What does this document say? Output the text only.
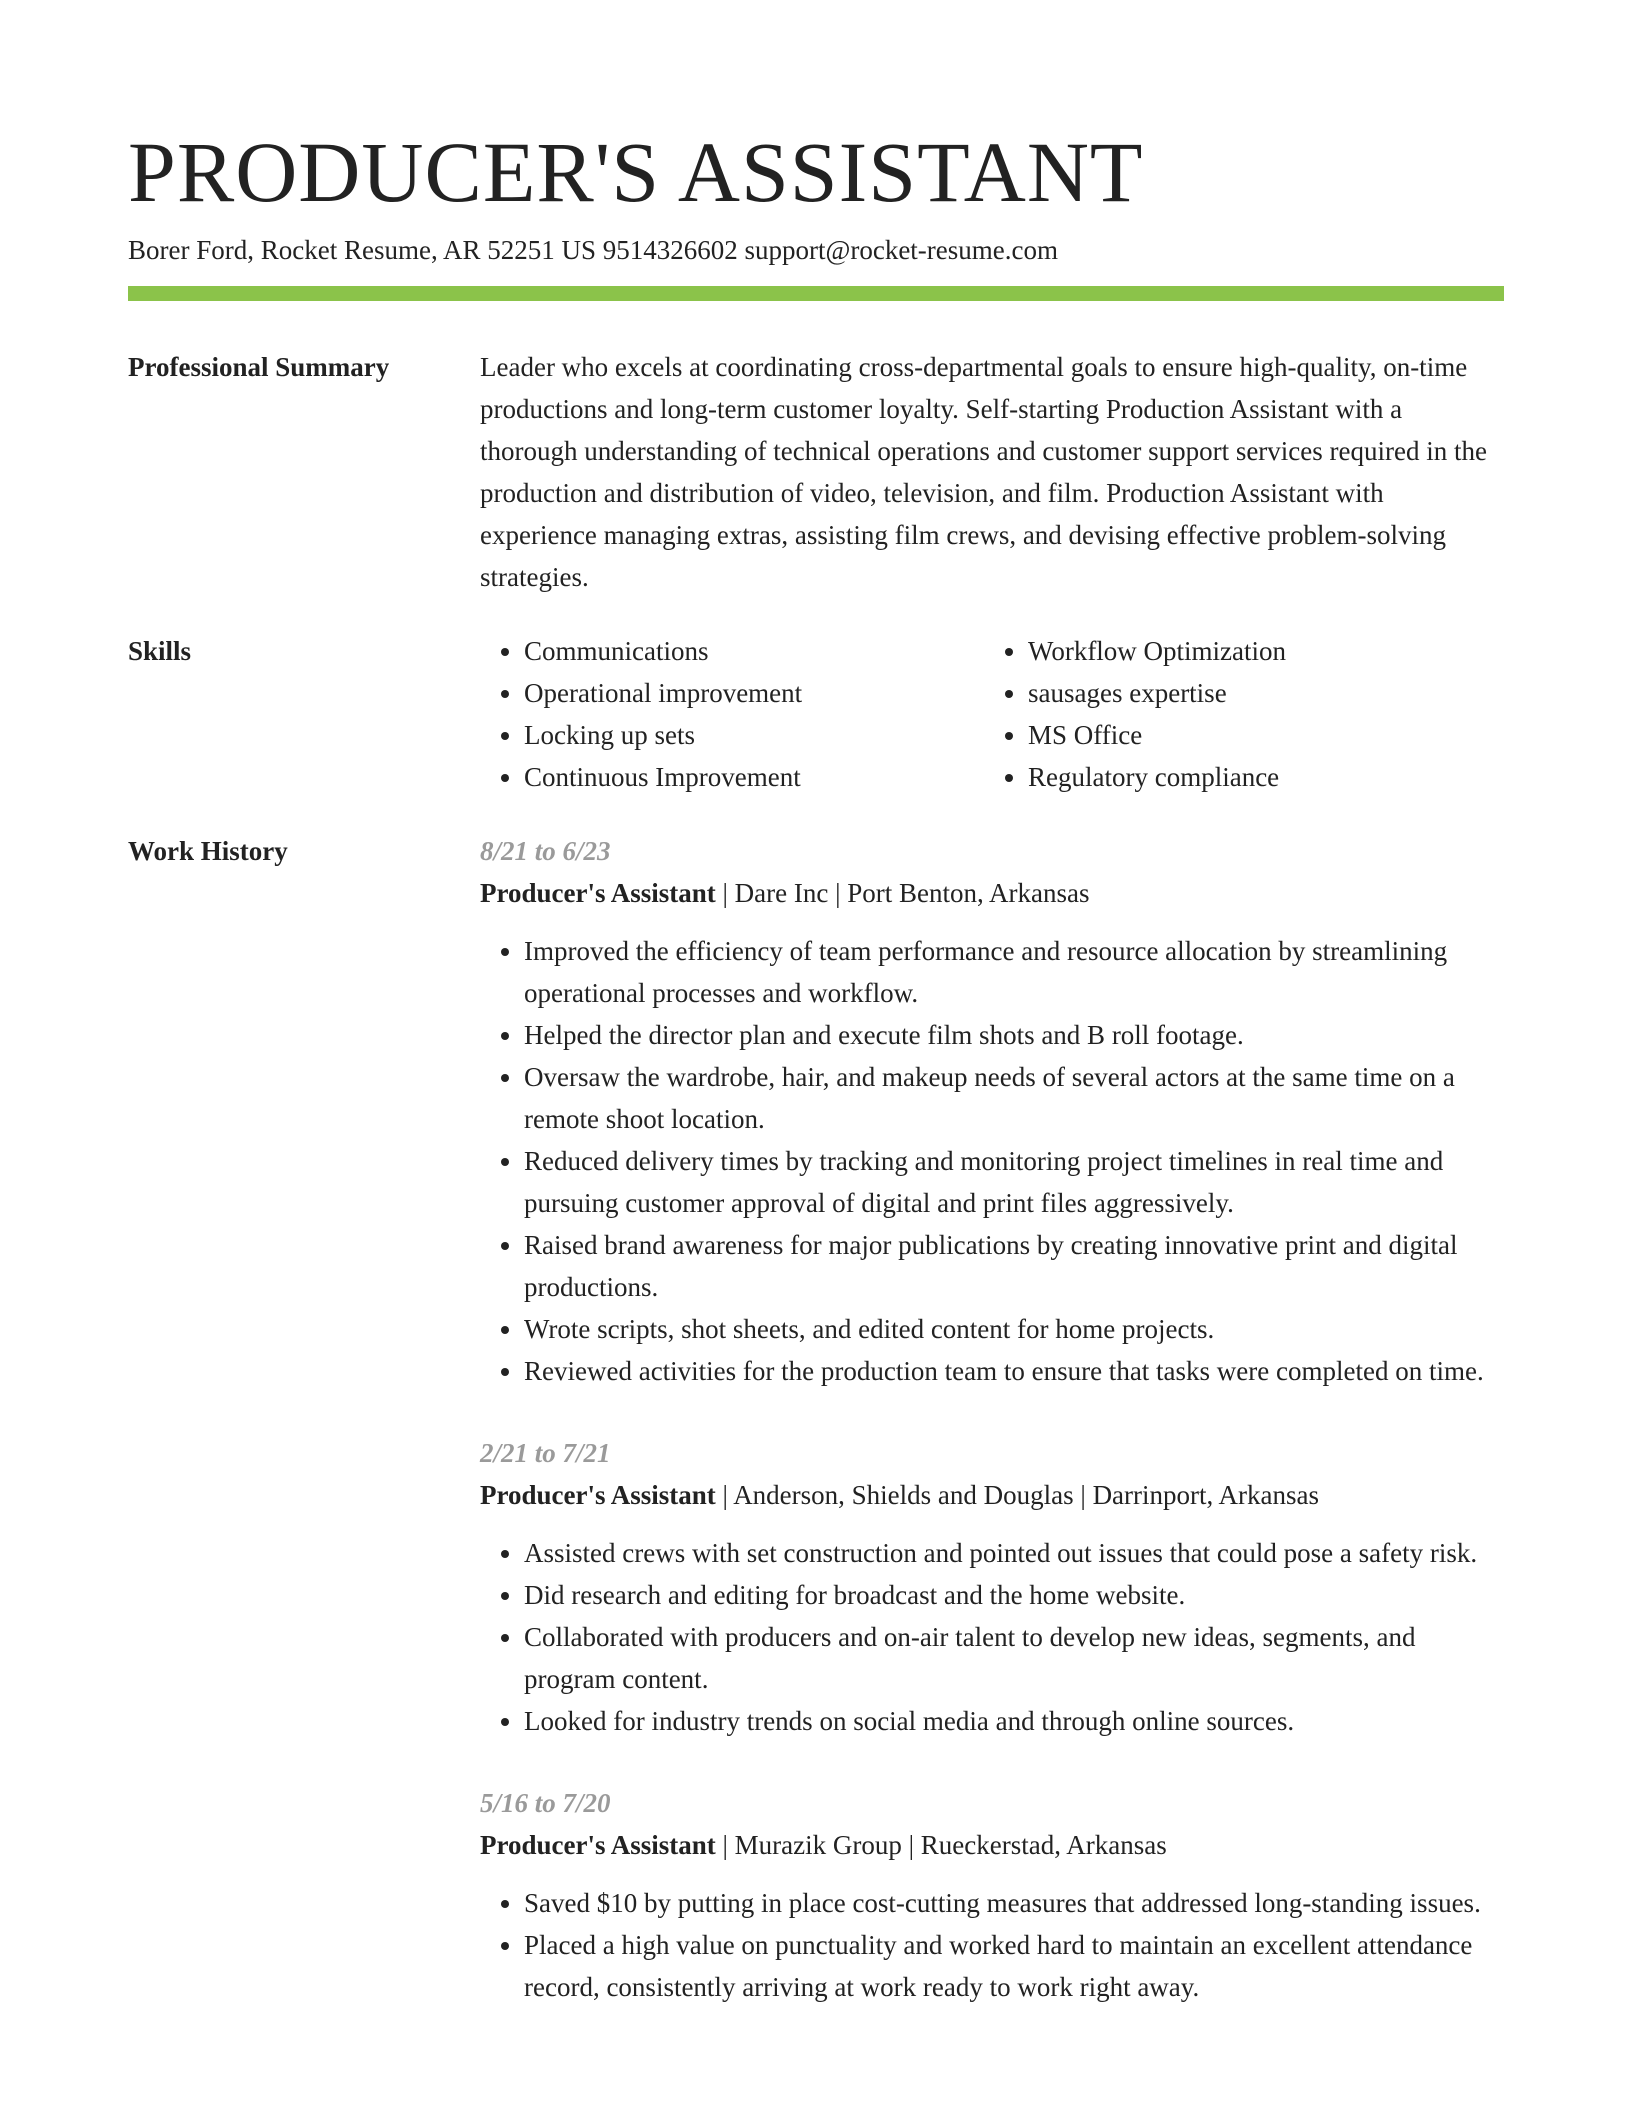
PRODUCER'S ASSISTANT
Borer Ford, Rocket Resume, AR 52251 US 9514326602 support@rocket-resume.com
Professional Summary	Leader who excels at coordinating cross-departmental goals to ensure high-quality, on-time productions and long-term customer loyalty. Self-starting Production Assistant with a thorough understanding of technical operations and customer support services required in the production and distribution of video, television, and film. Production Assistant with experience managing extras, assisting film crews, and devising effective problem-solving strategies.
Skills
•	Communications
• Operational improvement
• Locking up sets
• Continuous Improvement
• Workflow Optimization
• sausages expertise
• MS Office
• Regulatory compliance
Work History	8/21 to 6/23
Producer's Assistant | Dare Inc | Port Benton, Arkansas
• Improved the efficiency of team performance and resource allocation by streamlining operational processes and workflow.
• Helped the director plan and execute film shots and B roll footage.
• Oversaw the wardrobe, hair, and makeup needs of several actors at the same time on a remote shoot location.
• Reduced delivery times by tracking and monitoring project timelines in real time and pursuing customer approval of digital and print files aggressively.
• Raised brand awareness for major publications by creating innovative print and digital productions.
• Wrote scripts, shot sheets, and edited content for home projects.
• Reviewed activities for the production team to ensure that tasks were completed on time.
2/21 to 7/21
Producer's Assistant | Anderson, Shields and Douglas | Darrinport, Arkansas
• Assisted crews with set construction and pointed out issues that could pose a safety risk.
• Did research and editing for broadcast and the home website.
• Collaborated with producers and on-air talent to develop new ideas, segments, and program content.
• Looked for industry trends on social media and through online sources.
5/16 to 7/20
Producer's Assistant | Murazik Group | Rueckerstad, Arkansas
• Saved $10 by putting in place cost-cutting measures that addressed long-standing issues.
• Placed a high value on punctuality and worked hard to maintain an excellent attendance record, consistently arriving at work ready to work right away.
